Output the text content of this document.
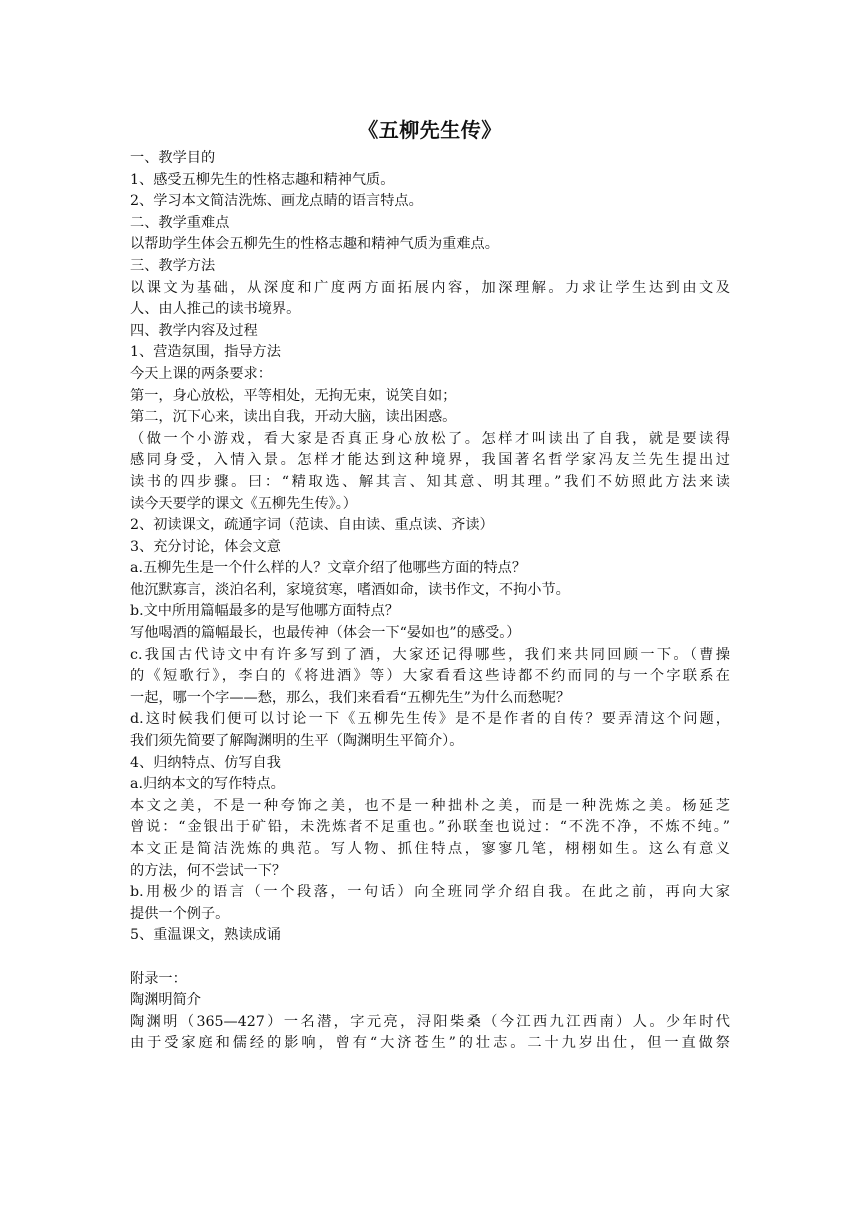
《五柳先生传》

一、教学目的

1、感受五柳先生的性格志趣和精神气质。

2、学习本文简洁洗炼、画龙点睛的语言特点。

二、教学重难点

以帮助学生体会五柳先生的性格志趣和精神气质为重难点。

三、教学方法

以课文为基础，从深度和广度两方面拓展内容，加深理解。力求让学生达到由文及

人、由人推己的读书境界。

四、教学内容及过程

1、营造氛围，指导方法

今天上课的两条要求：

第一，身心放松，平等相处，无拘无束，说笑自如；

第二，沉下心来，读出自我，开动大脑，读出困惑。

（做一个小游戏，看大家是否真正身心放松了。怎样才叫读出了自我，就是要读得

感同身受，入情入景。怎样才能达到这种境界，我国著名哲学家冯友兰先生提出过

读书的四步骤。曰：“精取选、解其言、知其意、明其理。”我们不妨照此方法来读

读今天要学的课文《五柳先生传》。）

2、初读课文，疏通字词（范读、自由读、重点读、齐读）

3、充分讨论，体会文意

a.五柳先生是一个什么样的人？文章介绍了他哪些方面的特点？

他沉默寡言，淡泊名利，家境贫寒，嗜酒如命，读书作文，不拘小节。

b.文中所用篇幅最多的是写他哪方面特点？

写他喝酒的篇幅最长，也最传神（体会一下“晏如也”的感受。）

c.我国古代诗文中有许多写到了酒，大家还记得哪些，我们来共同回顾一下。（曹操

的《短歌行》，李白的《将进酒》等）大家看看这些诗都不约而同的与一个字联系在

一起，哪一个字——愁，那么，我们来看看“五柳先生”为什么而愁呢？

d.这时候我们便可以讨论一下《五柳先生传》是不是作者的自传？要弄清这个问题，

我们须先简要了解陶渊明的生平（陶渊明生平简介）。

4、归纳特点、仿写自我

a.归纳本文的写作特点。

本文之美，不是一种夸饰之美，也不是一种拙朴之美，而是一种洗炼之美。杨延芝

曾说：“金银出于矿铅，未洗炼者不足重也。”孙联奎也说过：“不洗不净，不炼不纯。”

本文正是简洁洗炼的典范。写人物、抓住特点，寥寥几笔，栩栩如生。这么有意义

的方法，何不尝试一下？

b.用极少的语言（一个段落，一句话）向全班同学介绍自我。在此之前，再向大家

提供一个例子。

5、重温课文，熟读成诵

附录一：

陶渊明简介

陶渊明（365—427）一名潜，字元亮，浔阳柴桑（今江西九江西南）人。少年时代

由于受家庭和儒经的影响，曾有“大济苍生”的壮志。二十九岁出仕，但一直做祭
